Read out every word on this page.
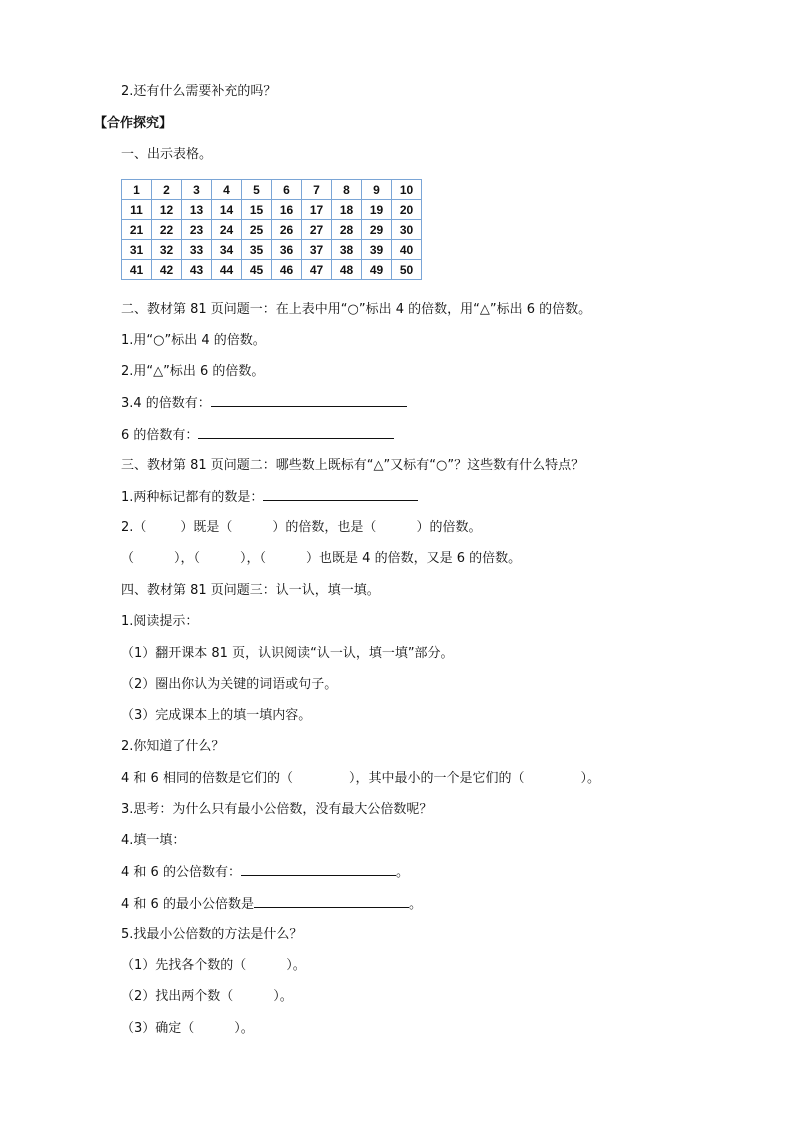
2.还有什么需要补充的吗？
【合作探究】
一、出示表格。
1	2	3	4	5	6	7	8	9	10
11	12	13	14	15	16	17	18	19	20
21	22	23	24	25	26	27	28	29	30
31	32	33	34	35	36	37	38	39	40
41	42	43	44	45	46	47	48	49	50
二、教材第 81 页问题一：在上表中用“○”标出 4 的倍数，用“△”标出 6 的倍数。
1.用“○”标出 4 的倍数。
2.用“△”标出 6 的倍数。
3.4 的倍数有：
6 的倍数有：
三、教材第 81 页问题二：哪些数上既标有“△”又标有“○”？这些数有什么特点？
1.两种标记都有的数是：
2.（	）既是（	）的倍数，也是（	）的倍数。
（	），（	），（	）也既是 4 的倍数，又是 6 的倍数。
四、教材第 81 页问题三：认一认，填一填。
1.阅读提示：
（1）翻开课本 81 页，认识阅读“认一认，填一填”部分。
（2）圈出你认为关键的词语或句子。
（3）完成课本上的填一填内容。
2.你知道了什么？
4 和 6 相同的倍数是它们的（	），其中最小的一个是它们的（	）。
3.思考：为什么只有最小公倍数，没有最大公倍数呢？
4.填一填：
4 和 6 的公倍数有：	。
4 和 6 的最小公倍数是	。
5.找最小公倍数的方法是什么？
（1）先找各个数的（	）。
（2）找出两个数（	）。
（3）确定（	）。
